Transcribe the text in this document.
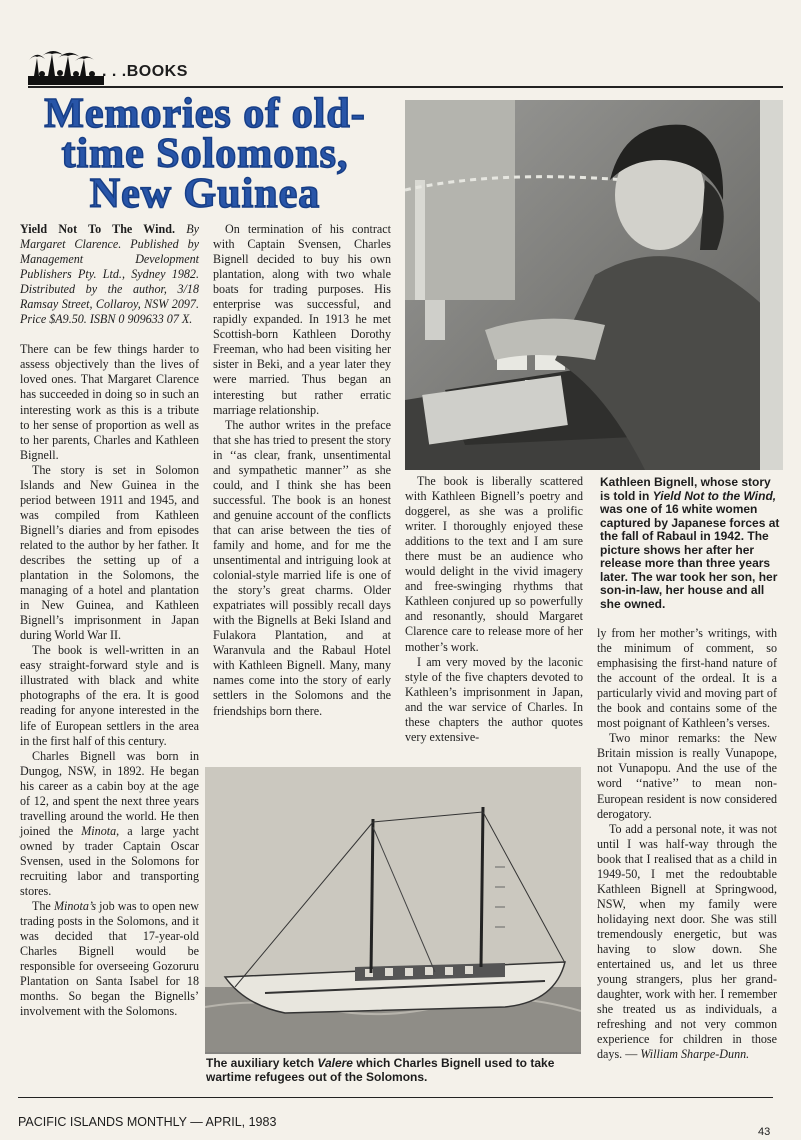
. . .BOOKS
Memories of old-
time Solomons,
New Guinea

Yield Not To The Wind. By Margaret Clarence. Published by Management Development Publishers Pty. Ltd., Sydney 1982. Distributed by the author, 3/18 Ramsay Street, Collaroy, NSW 2097. Price $A9.50. ISBN 0 909633 07 X.

There can be few things harder to assess objectively than the lives of loved ones. That Margaret Clarence has succeeded in doing so in such an interesting work as this is a tribute to her sense of proportion as well as to her parents, Charles and Kathleen Bignell.

The story is set in Solomon Islands and New Guinea in the period between 1911 and 1945, and was compiled from Kathleen Bignell’s diaries and from episodes related to the author by her father. It describes the setting up of a plantation in the Solomons, the managing of a hotel and plantation in New Guinea, and Kathleen Bignell’s imprisonment in Japan during World War II.

The book is well-written in an easy straight-forward style and is illustrated with black and white photographs of the era. It is good reading for anyone interested in the life of European settlers in the area in the first half of this century.

Charles Bignell was born in Dungog, NSW, in 1892. He began his career as a cabin boy at the age of 12, and spent the next three years travelling around the world. He then joined the Minota, a large yacht owned by trader Captain Oscar Svensen, used in the Solomons for recruiting labor and transporting stores.

The Minota’s job was to open new trading posts in the Solomons, and it was decided that 17-year-old Charles Bignell would be responsible for overseeing Gozoruru Plantation on Santa Isabel for 18 months. So began the Bignells’ involvement with the Solomons.

On termination of his contract with Captain Svensen, Charles Bignell decided to buy his own plantation, along with two whale boats for trading purposes. His enterprise was successful, and rapidly expanded. In 1913 he met Scottish-born Kathleen Dorothy Freeman, who had been visiting her sister in Beki, and a year later they were married. Thus began an interesting but rather erratic marriage relationship.

The author writes in the preface that she has tried to present the story in ‘‘as clear, frank, unsentimental and sympathetic manner’’ as she could, and I think she has been successful. The book is an honest and genuine account of the conflicts that can arise between the ties of family and home, and for me the unsentimental and intriguing look at colonial-style married life is one of the story’s great charms. Older expatriates will possibly recall days with the Bignells at Beki Island and Fulakora Plantation, and at Waranvula and the Rabaul Hotel with Kathleen Bignell. Many, many names come into the story of early settlers in the Solomons and the friendships born there.

Kathleen Bignell, whose story is told in Yield Not to the Wind, was one of 16 white women captured by Japanese forces at the fall of Rabaul in 1942. The picture shows her after her release more than three years later. The war took her son, her son-in-law, her house and all she owned.

The book is liberally scattered with Kathleen Bignell’s poetry and doggerel, as she was a prolific writer. I thoroughly enjoyed these additions to the text and I am sure there must be an audience who would delight in the vivid imagery and free-swinging rhythms that Kathleen conjured up so powerfully and resonantly, should Margaret Clarence care to release more of her mother’s work.

I am very moved by the laconic style of the five chapters devoted to Kathleen’s imprisonment in Japan, and the war service of Charles. In these chapters the author quotes very extensive-

ly from her mother’s writings, with the minimum of comment, so emphasising the first-hand nature of the account of the ordeal. It is a particularly vivid and moving part of the book and contains some of the most poignant of Kathleen’s verses.

Two minor remarks: the New Britain mission is really Vunapope, not Vunapopu. And the use of the word ‘‘native’’ to mean non-European resident is now considered derogatory.

To add a personal note, it was not until I was half-way through the book that I realised that as a child in 1949-50, I met the redoubtable Kathleen Bignell at Springwood, NSW, when my family were holidaying next door. She was still tremendously energetic, but was having to slow down. She entertained us, and let us three young strangers, plus her grand-daughter, work with her. I remember she treated us as individuals, a refreshing and not very common experience for children in those days. — William Sharpe-Dunn.

The auxiliary ketch Valere which Charles Bignell used to take wartime refugees out of the Solomons.
PACIFIC ISLANDS MONTHLY — APRIL, 1983
43
